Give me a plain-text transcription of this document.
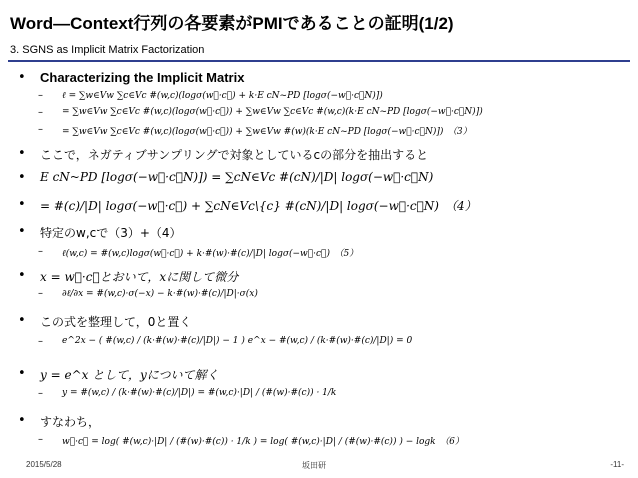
Word—Context行列の各要素がPMIであることの証明(1/2)
3. SGNS as Implicit Matrix Factorization
• Characterizing the Implicit Matrix
– ℓ = ∑w∈Vw ∑c∈Vc #(w,c)(logσ(w⃗·c⃗) + k·E cN~PD [logσ(−w⃗·c⃗N)])
– = ∑w∈Vw ∑c∈Vc #(w,c)(logσ(w⃗·c⃗)) + ∑w∈Vw ∑c∈Vc #(w,c)(k·E cN~PD [logσ(−w⃗·c⃗N)])
– = ∑w∈Vw ∑c∈Vc #(w,c)(logσ(w⃗·c⃗)) + ∑w∈Vw #(w)(k·E cN~PD [logσ(−w⃗·c⃗N)])　（3）
• ここで，ネガティブサンプリングで対象としているcの部分を抽出すると
• E cN~PD [logσ(−w⃗·c⃗N)]) = ∑cN∈Vc #(cN)/|D| logσ(−w⃗·c⃗N)
• = #(c)/|D| logσ(−w⃗·c⃗) + ∑cN∈Vc\{c} #(cN)/|D| logσ(−w⃗·c⃗N)　（4）
• 特定のw,cで（3）+（4）
– ℓ(w,c) = #(w,c)logσ(w⃗·c⃗) + k·#(w)·#(c)/|D| logσ(−w⃗·c⃗)　（5）
• x = w⃗·c⃗とおいて，xに関して微分
– ∂ℓ/∂x = #(w,c)·σ(−x) − k·#(w)·#(c)/|D|·σ(x)
• この式を整理して，0と置く
– e^2x − ( #(w,c) / (k·#(w)·#(c)/|D|) − 1 ) e^x − #(w,c) / (k·#(w)·#(c)/|D|) = 0
• y = e^x として，yについて解く
– y = #(w,c) / (k·#(w)·#(c)/|D|) = #(w,c)·|D| / (#(w)·#(c)) · 1/k
• すなわち，
– w⃗·c⃗ = log( #(w,c)·|D| / (#(w)·#(c)) · 1/k ) = log( #(w,c)·|D| / (#(w)·#(c)) ) − logk　（6）
2015/5/28	坂田研	-11-
